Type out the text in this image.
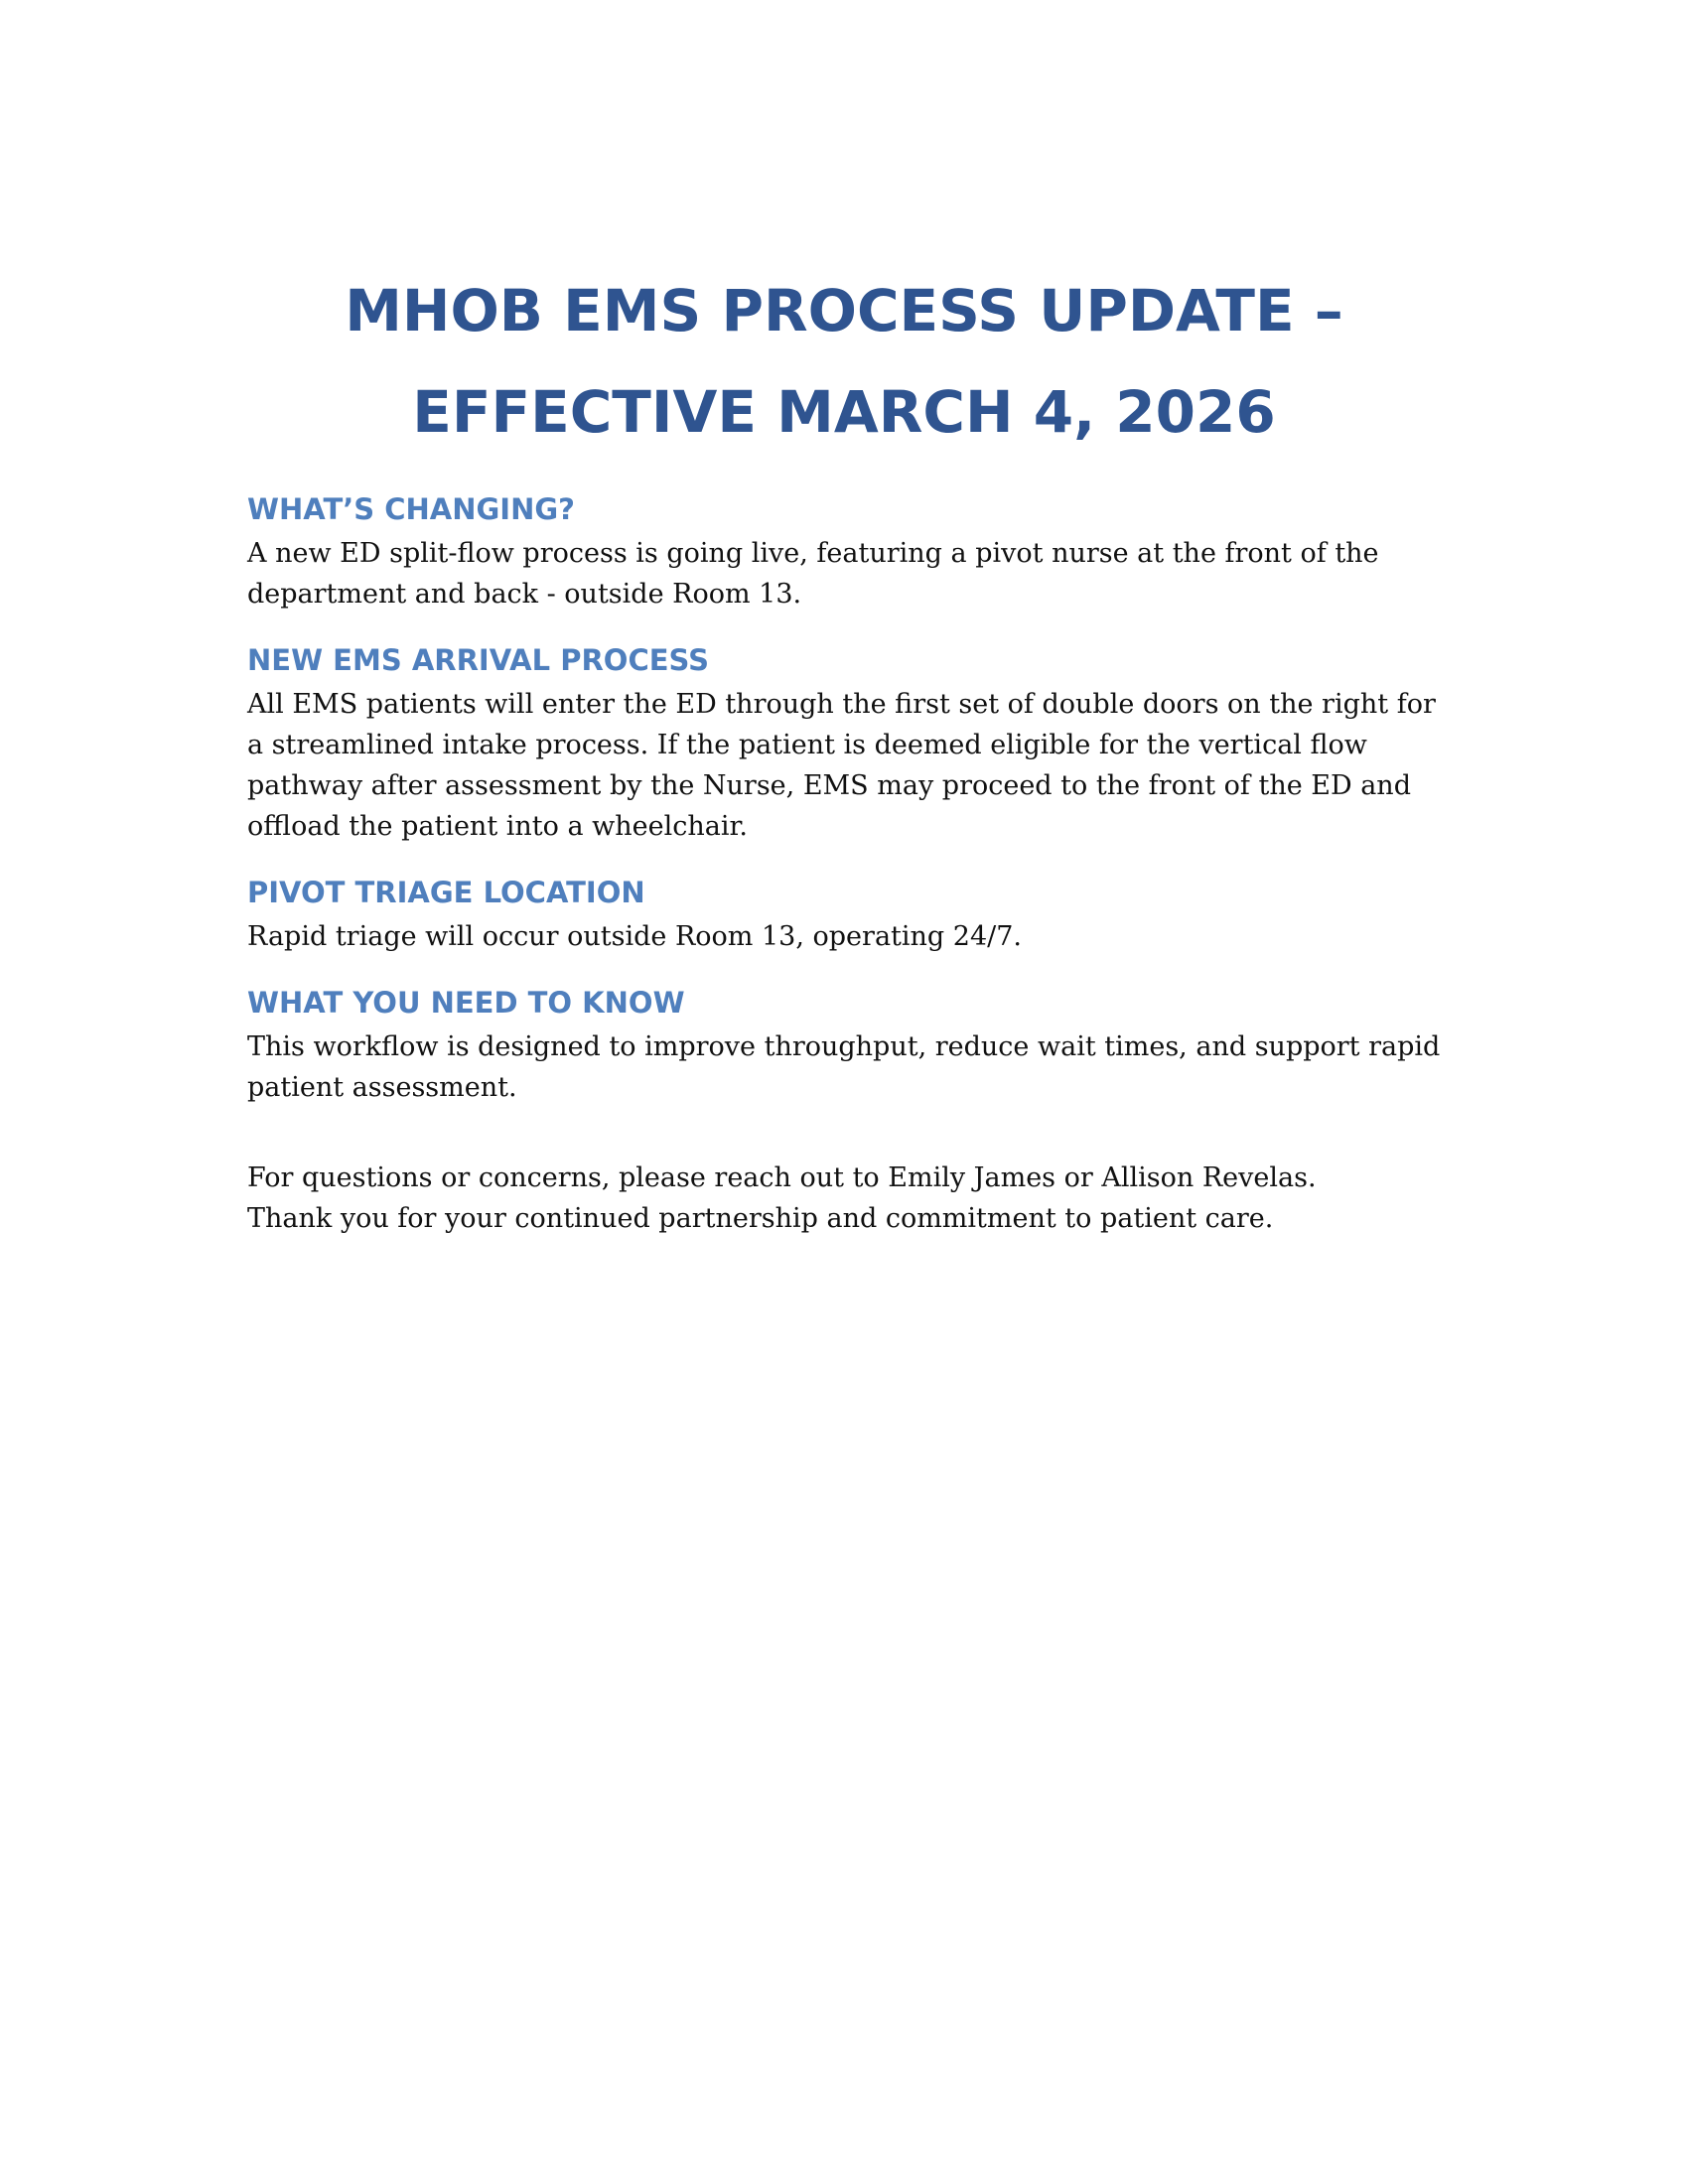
MHOB EMS PROCESS UPDATE –
EFFECTIVE MARCH 4, 2026
WHAT’S CHANGING?

A new ED split-flow process is going live, featuring a pivot nurse at the front of the department and back - outside Room 13.

NEW EMS ARRIVAL PROCESS

All EMS patients will enter the ED through the first set of double doors on the right for a streamlined intake process. If the patient is deemed eligible for the vertical flow pathway after assessment by the Nurse, EMS may proceed to the front of the ED and offload the patient into a wheelchair.

PIVOT TRIAGE LOCATION

Rapid triage will occur outside Room 13, operating 24/7.

WHAT YOU NEED TO KNOW

This workflow is designed to improve throughput, reduce wait times, and support rapid patient assessment.

For questions or concerns, please reach out to Emily James or Allison Revelas.
Thank you for your continued partnership and commitment to patient care.
